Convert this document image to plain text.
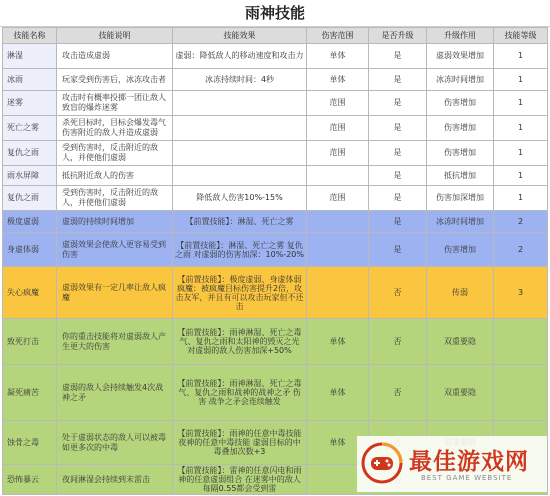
雨神技能
技能名称	技能说明	技能效果	伤害范围	是否升级	升级作用	技能等级
淋湿	攻击造成虚弱	虚弱：降低敌人的移动速度和攻击力	单体	是	虚弱效果增加	1
冰雨	玩家受到伤害后，冰冻攻击者	冰冻持续时间：4秒	单体	是	冰冻时间增加	1
迷雾	攻击时有概率投掷一团让敌人致盲的爆炸迷雾		范围	是	伤害增加	1
死亡之雾	杀死目标时，目标会爆发毒气伤害附近的敌人并造成虚弱		范围	是	伤害增加	1
复仇之雨	受到伤害时，反击附近的敌人，并使他们虚弱		范围	是	伤害增加	1
雨水屏障	抵抗附近敌人的伤害			是	抵抗增加	1
复仇之雨	受到伤害时，反击附近的敌人，并使他们虚弱	降低敌人伤害10%-15%	范围	是	伤害加深增加	1
极度虚弱	虚弱的持续时间增加	【前置技能】：淋湿、死亡之雾		是	冰冻时间增加	2
身虚体弱	虚弱效果会使敌人更容易受到伤害	【前置技能】：淋湿、死亡之雾 复仇之雨 对虚弱的伤害加深：10%-20%		是	伤害增加	2
失心疯魔	虚弱效果有一定几率让敌人疯魔	【前置技能】：极度虚弱、身虚体弱 疯魔：被疯魔目标伤害提升2倍，攻击友军，并且有可以攻击玩家但不还击		否	传弱	3
致死打击	你的重击技能将对虚弱敌人产生更大的伤害	【前置技能】：雨神淋湿、死亡之毒气、复仇之雨和太阳神的毁灭之光 对虚弱的敌人伤害加深+50%	单体	否	双重要隐	
凝死痛苦	虚弱的敌人会持续触发4次战神之矛	【前置技能】：雨神淋湿、死亡之毒气、复仇之雨和战神的战神之矛 伤害 战争之矛会连续触发	单体	否	双重要隐	
蚀骨之毒	处于虚弱状态的敌人可以被毒如更多次的中毒	【前置技能】：雨神的任意中毒技能 夜神的任意中毒技能 虚弱目标的中毒叠加次数+3	单体			
恐怖暴云	夜间淋湿会持续到末雷击	【前置技能】：雷神的任意闪电和雨神的任意虚弱组合 在迷雾中的敌人每隔0.55都会受到雷				
最佳游戏网
BEST GAME WEBSITE
